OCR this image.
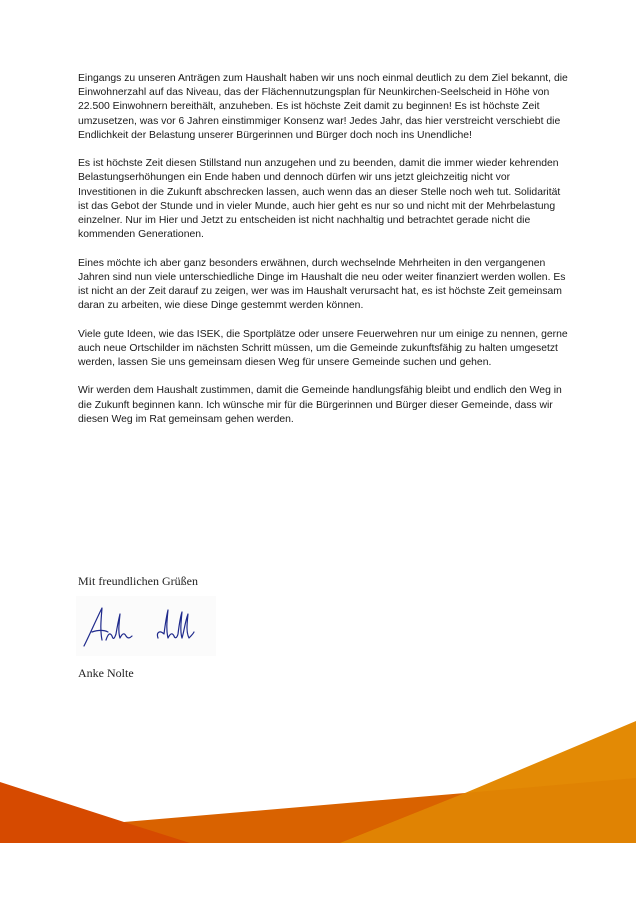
Eingangs zu unseren Anträgen zum Haushalt haben wir uns noch einmal deutlich zu dem Ziel bekannt, die Einwohnerzahl auf das Niveau, das der Flächennutzungsplan für Neunkirchen-Seelscheid in Höhe von 22.500 Einwohnern bereithält, anzuheben. Es ist höchste Zeit damit zu beginnen! Es ist höchste Zeit umzusetzen, was vor 6 Jahren einstimmiger Konsenz war! Jedes Jahr, das hier verstreicht verschiebt die Endlichkeit der Belastung unserer Bürgerinnen und Bürger doch noch ins Unendliche!

Es ist höchste Zeit diesen Stillstand nun anzugehen und zu beenden, damit die immer wieder kehrenden Belastungserhöhungen ein Ende haben und dennoch dürfen wir uns jetzt gleichzeitig nicht vor Investitionen in die Zukunft abschrecken lassen, auch wenn das an dieser Stelle noch weh tut. Solidarität ist das Gebot der Stunde und in vieler Munde, auch hier geht es nur so und nicht mit der Mehrbelastung einzelner. Nur im Hier und Jetzt zu entscheiden ist nicht nachhaltig und betrachtet gerade nicht die kommenden Generationen.

Eines möchte ich aber ganz besonders erwähnen, durch wechselnde Mehrheiten in den vergangenen Jahren sind nun viele unterschiedliche Dinge im Haushalt die neu oder weiter finanziert werden wollen. Es ist nicht an der Zeit darauf zu zeigen, wer was im Haushalt verursacht hat, es ist höchste Zeit gemeinsam daran zu arbeiten, wie diese Dinge gestemmt werden können.

Viele gute Ideen, wie das ISEK, die Sportplätze oder unsere Feuerwehren nur um einige zu nennen, gerne auch neue Ortschilder im nächsten Schritt müssen, um die Gemeinde zukunftsfähig zu halten umgesetzt werden, lassen Sie uns gemeinsam diesen Weg für unsere Gemeinde suchen und gehen.

Wir werden dem Haushalt zustimmen, damit die Gemeinde handlungsfähig bleibt und endlich den Weg in die Zukunft beginnen kann. Ich wünsche mir für die Bürgerinnen und Bürger dieser Gemeinde, dass wir diesen Weg im Rat gemeinsam gehen werden.

Mit freundlichen Grüßen
Anke Nolte
